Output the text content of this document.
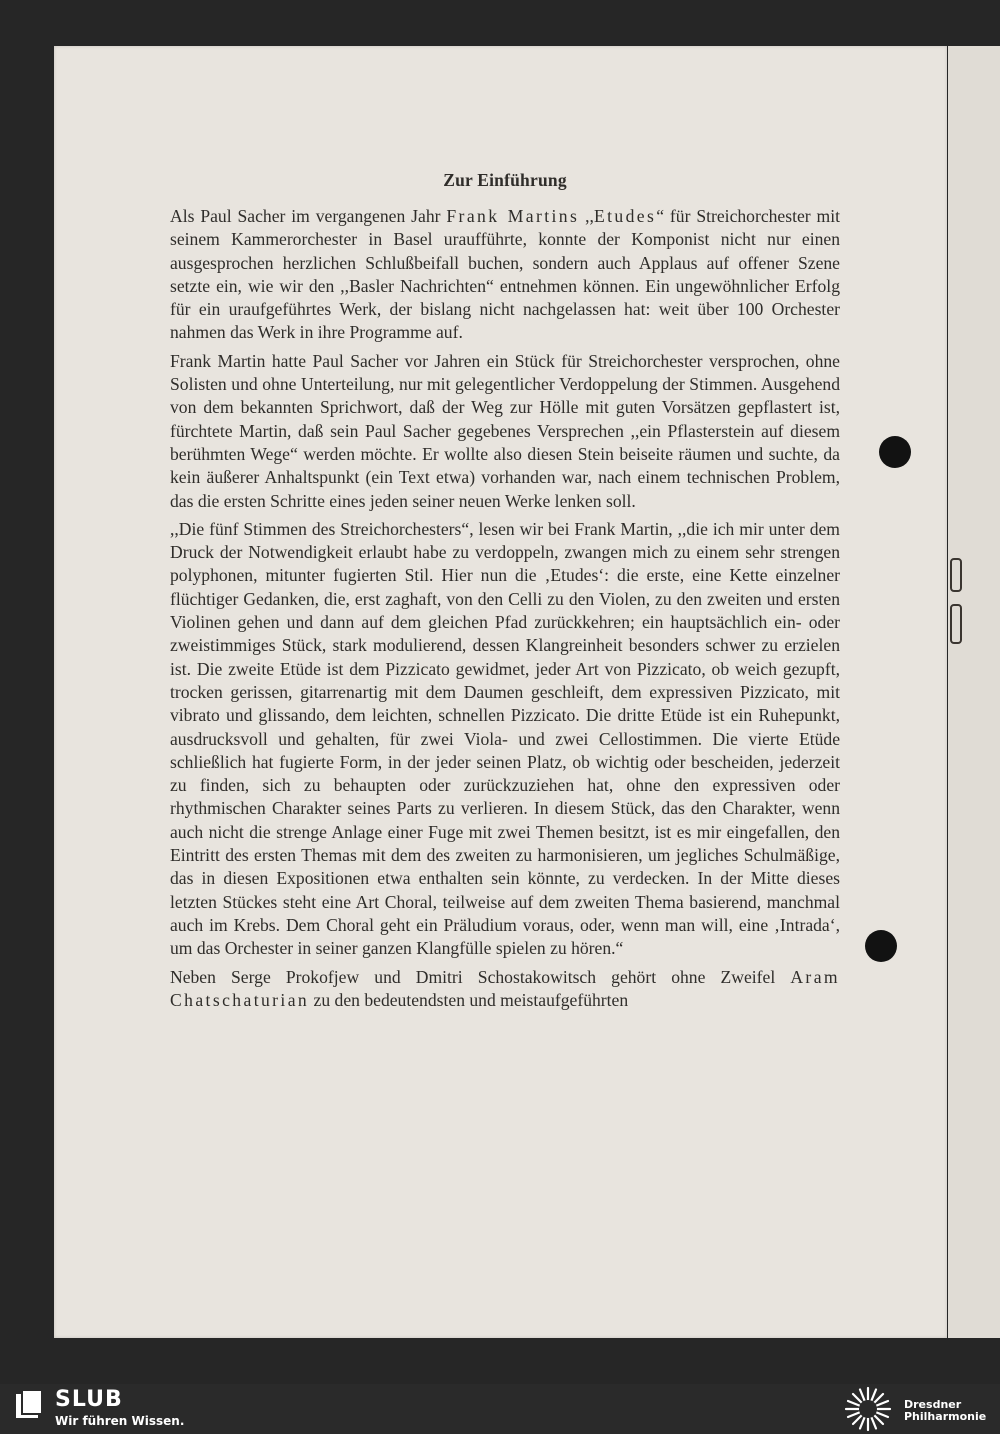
Zur Einführung

Als Paul Sacher im vergangenen Jahr Frank Martins ,,Etudes“ für Streichorchester mit seinem Kammerorchester in Basel uraufführte, konnte der Komponist nicht nur einen ausgesprochen herzlichen Schlußbeifall buchen, sondern auch Applaus auf offener Szene setzte ein, wie wir den ,,Basler Nachrichten“ entnehmen können. Ein ungewöhnlicher Erfolg für ein uraufgeführtes Werk, der bislang nicht nachgelassen hat: weit über 100 Orchester nahmen das Werk in ihre Programme auf.

Frank Martin hatte Paul Sacher vor Jahren ein Stück für Streichorchester versprochen, ohne Solisten und ohne Unterteilung, nur mit gelegentlicher Verdoppelung der Stimmen. Ausgehend von dem bekannten Sprichwort, daß der Weg zur Hölle mit guten Vorsätzen gepflastert ist, fürchtete Martin, daß sein Paul Sacher gegebenes Versprechen ,,ein Pflasterstein auf diesem berühmten Wege“ werden möchte. Er wollte also diesen Stein beiseite räumen und suchte, da kein äußerer Anhaltspunkt (ein Text etwa) vorhanden war, nach einem technischen Problem, das die ersten Schritte eines jeden seiner neuen Werke lenken soll.

,,Die fünf Stimmen des Streichorchesters“, lesen wir bei Frank Martin, ,,die ich mir unter dem Druck der Notwendigkeit erlaubt habe zu verdoppeln, zwangen mich zu einem sehr strengen polyphonen, mitunter fugierten Stil. Hier nun die ‚Etudes‘: die erste, eine Kette einzelner flüchtiger Gedanken, die, erst zaghaft, von den Celli zu den Violen, zu den zweiten und ersten Violinen gehen und dann auf dem gleichen Pfad zurückkehren; ein hauptsächlich ein- oder zweistimmiges Stück, stark modulierend, dessen Klangreinheit besonders schwer zu erzielen ist. Die zweite Etüde ist dem Pizzicato gewidmet, jeder Art von Pizzicato, ob weich gezupft, trocken gerissen, gitarrenartig mit dem Daumen geschleift, dem expressiven Pizzicato, mit vibrato und glissando, dem leichten, schnellen Pizzicato. Die dritte Etüde ist ein Ruhepunkt, ausdrucksvoll und gehalten, für zwei Viola- und zwei Cellostimmen. Die vierte Etüde schließlich hat fugierte Form, in der jeder seinen Platz, ob wichtig oder bescheiden, jederzeit zu finden, sich zu behaupten oder zurückzuziehen hat, ohne den expressiven oder rhythmischen Charakter seines Parts zu verlieren. In diesem Stück, das den Charakter, wenn auch nicht die strenge Anlage einer Fuge mit zwei Themen besitzt, ist es mir eingefallen, den Eintritt des ersten Themas mit dem des zweiten zu harmonisieren, um jegliches Schulmäßige, das in diesen Expositionen etwa enthalten sein könnte, zu verdecken. In der Mitte dieses letzten Stückes steht eine Art Choral, teilweise auf dem zweiten Thema basierend, manchmal auch im Krebs. Dem Choral geht ein Präludium voraus, oder, wenn man will, eine ‚Intrada‘, um das Orchester in seiner ganzen Klangfülle spielen zu hören.“

Neben Serge Prokofjew und Dmitri Schostakowitsch gehört ohne Zweifel Aram Chatschaturian zu den bedeutendsten und meistaufgeführten

SLUB
Wir führen Wissen.
Dresdner
Philharmonie
